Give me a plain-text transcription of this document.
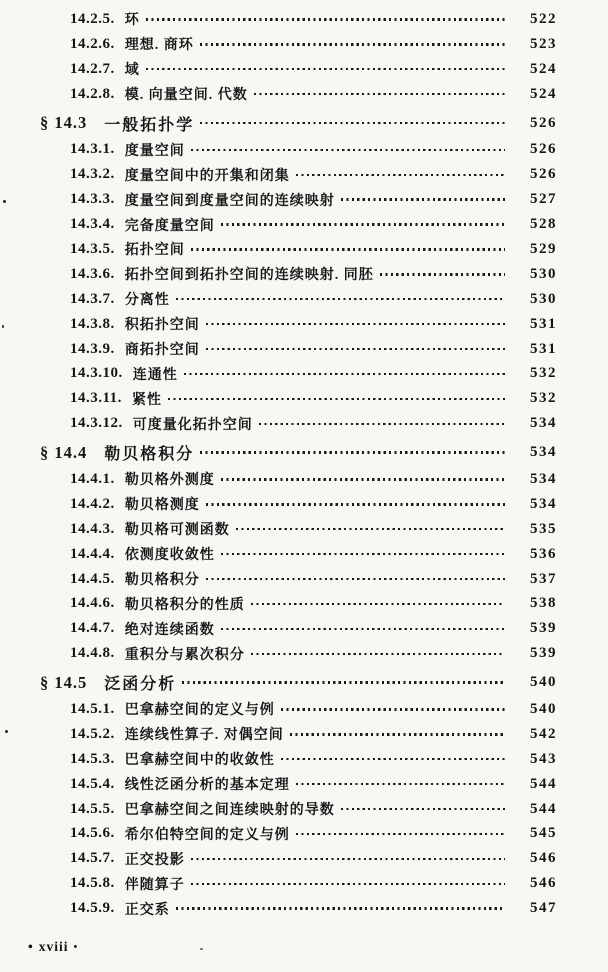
14.2.5. 环	522
14.2.6. 理想. 商环	523
14.2.7. 域	524
14.2.8. 模. 向量空间. 代数	524
§ 14.3 一般拓扑学	526
14.3.1. 度量空间	526
14.3.2. 度量空间中的开集和闭集	526
14.3.3. 度量空间到度量空间的连续映射	527
14.3.4. 完备度量空间	528
14.3.5. 拓扑空间	529
14.3.6. 拓扑空间到拓扑空间的连续映射. 同胚	530
14.3.7. 分离性	530
14.3.8. 积拓扑空间	531
14.3.9. 商拓扑空间	531
14.3.10. 连通性	532
14.3.11. 紧性	532
14.3.12. 可度量化拓扑空间	534
§ 14.4 勒贝格积分	534
14.4.1. 勒贝格外测度	534
14.4.2. 勒贝格测度	534
14.4.3. 勒贝格可测函数	535
14.4.4. 依测度收敛性	536
14.4.5. 勒贝格积分	537
14.4.6. 勒贝格积分的性质	538
14.4.7. 绝对连续函数	539
14.4.8. 重积分与累次积分	539
§ 14.5 泛函分析	540
14.5.1. 巴拿赫空间的定义与例	540
14.5.2. 连续线性算子. 对偶空间	542
14.5.3. 巴拿赫空间中的收敛性	543
14.5.4. 线性泛函分析的基本定理	544
14.5.5. 巴拿赫空间之间连续映射的导数	544
14.5.6. 希尔伯特空间的定义与例	545
14.5.7. 正交投影	546
14.5.8. 伴随算子	546
14.5.9. 正交系	547
• xviii •
